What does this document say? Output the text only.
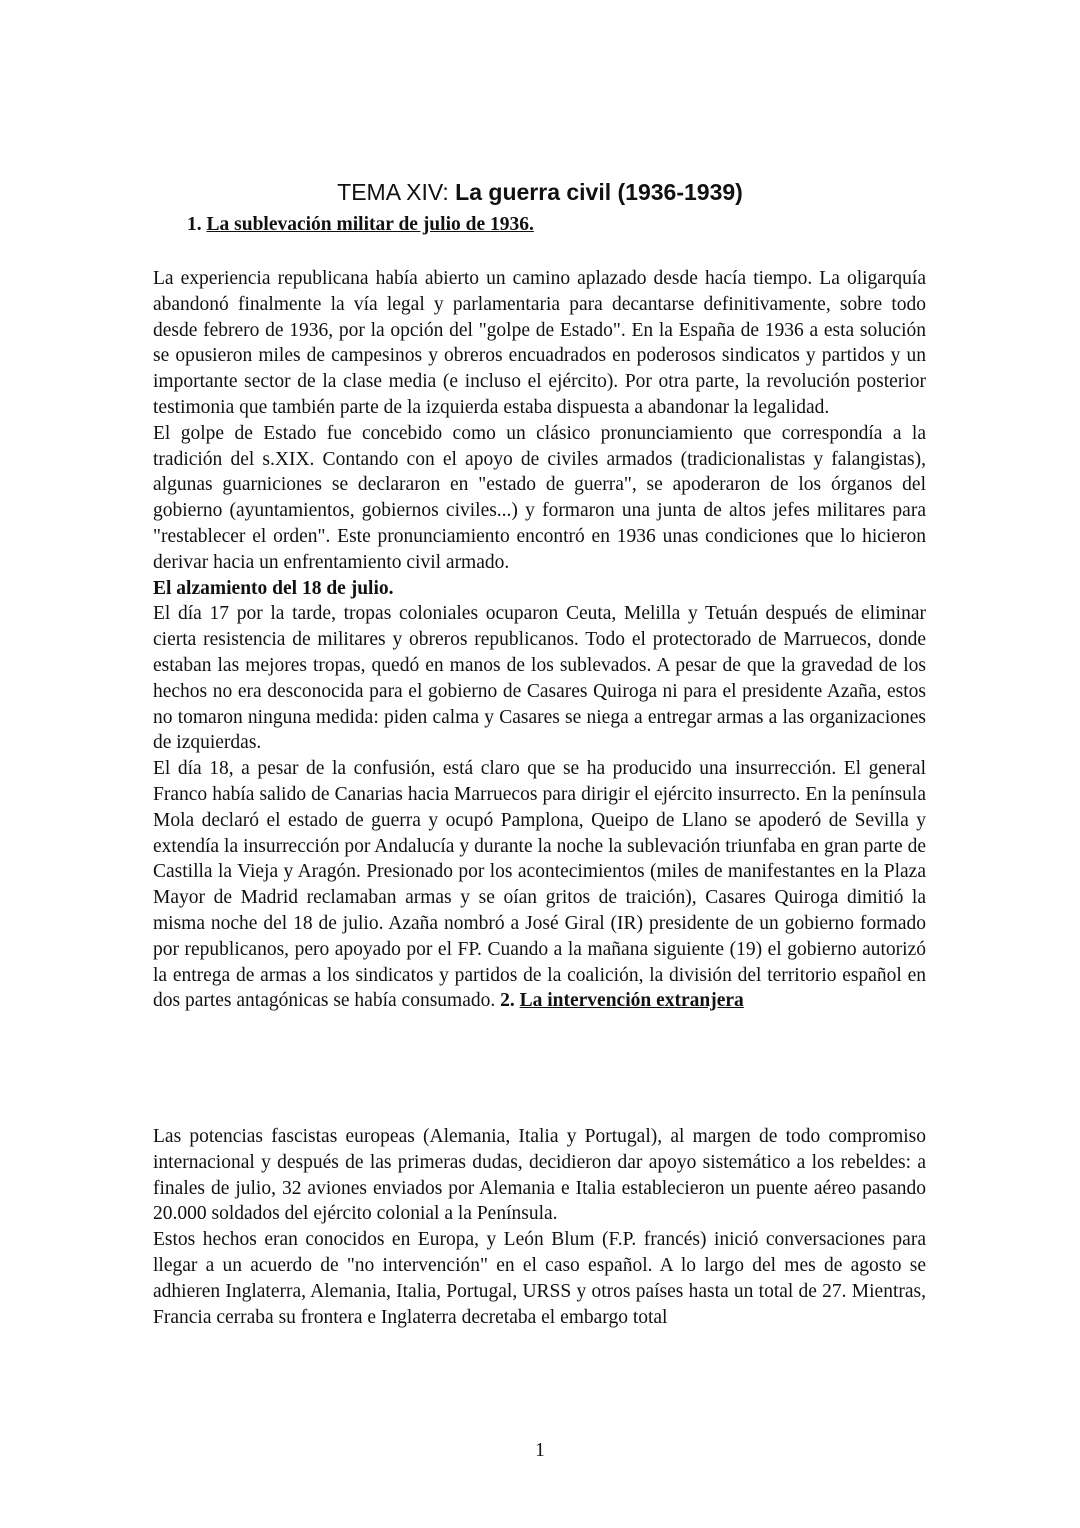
TEMA XIV: La guerra civil (1936-1939)
1. La sublevación militar de julio de 1936.

La experiencia republicana había abierto un camino aplazado desde hacía tiempo. La oligarquía abandonó finalmente la vía legal y parlamentaria para decantarse definitivamente, sobre todo desde febrero de 1936, por la opción del "golpe de Estado". En la España de 1936 a esta solución se opusieron miles de campesinos y obreros encuadrados en poderosos sindicatos y partidos y un importante sector de la clase media (e incluso el ejército). Por otra parte, la revolución posterior testimonia que también parte de la izquierda estaba dispuesta a abandonar la legalidad.

El golpe de Estado fue concebido como un clásico pronunciamiento que correspondía a la tradición del s.XIX. Contando con el apoyo de civiles armados (tradicionalistas y falangistas), algunas guarniciones se declararon en "estado de guerra", se apoderaron de los órganos del gobierno (ayuntamientos, gobiernos civiles...) y formaron una junta de altos jefes militares para "restablecer el orden". Este pronunciamiento encontró en 1936 unas condiciones que lo hicieron derivar hacia un enfrentamiento civil armado.

El alzamiento del 18 de julio.

El día 17 por la tarde, tropas coloniales ocuparon Ceuta, Melilla y Tetuán después de eliminar cierta resistencia de militares y obreros republicanos. Todo el protectorado de Marruecos, donde estaban las mejores tropas, quedó en manos de los sublevados. A pesar de que la gravedad de los hechos no era desconocida para el gobierno de Casares Quiroga ni para el presidente Azaña, estos no tomaron ninguna medida: piden calma y Casares se niega a entregar armas a las organizaciones de izquierdas.

El día 18, a pesar de la confusión, está claro que se ha producido una insurrección. El general Franco había salido de Canarias hacia Marruecos para dirigir el ejército insurrecto. En la península Mola declaró el estado de guerra y ocupó Pamplona, Queipo de Llano se apoderó de Sevilla y extendía la insurrección por Andalucía y durante la noche la sublevación triunfaba en gran parte de Castilla la Vieja y Aragón. Presionado por los acontecimientos (miles de manifestantes en la Plaza Mayor de Madrid reclamaban armas y se oían gritos de traición), Casares Quiroga dimitió la misma noche del 18 de julio. Azaña nombró a José Giral (IR) presidente de un gobierno formado por republicanos, pero apoyado por el FP. Cuando a la mañana siguiente (19) el gobierno autorizó la entrega de armas a los sindicatos y partidos de la coalición, la división del territorio español en dos partes antagónicas se había consumado. 2. La intervención extranjera

Las potencias fascistas europeas (Alemania, Italia y Portugal), al margen de todo compromiso internacional y después de las primeras dudas, decidieron dar apoyo sistemático a los rebeldes: a finales de julio, 32 aviones enviados por Alemania e Italia establecieron un puente aéreo pasando 20.000 soldados del ejército colonial a la Península.

Estos hechos eran conocidos en Europa, y León Blum (F.P. francés) inició conversaciones para llegar a un acuerdo de "no intervención" en el caso español. A lo largo del mes de agosto se adhieren Inglaterra, Alemania, Italia, Portugal, URSS y otros países hasta un total de 27. Mientras, Francia cerraba su frontera e Inglaterra decretaba el embargo total

1
